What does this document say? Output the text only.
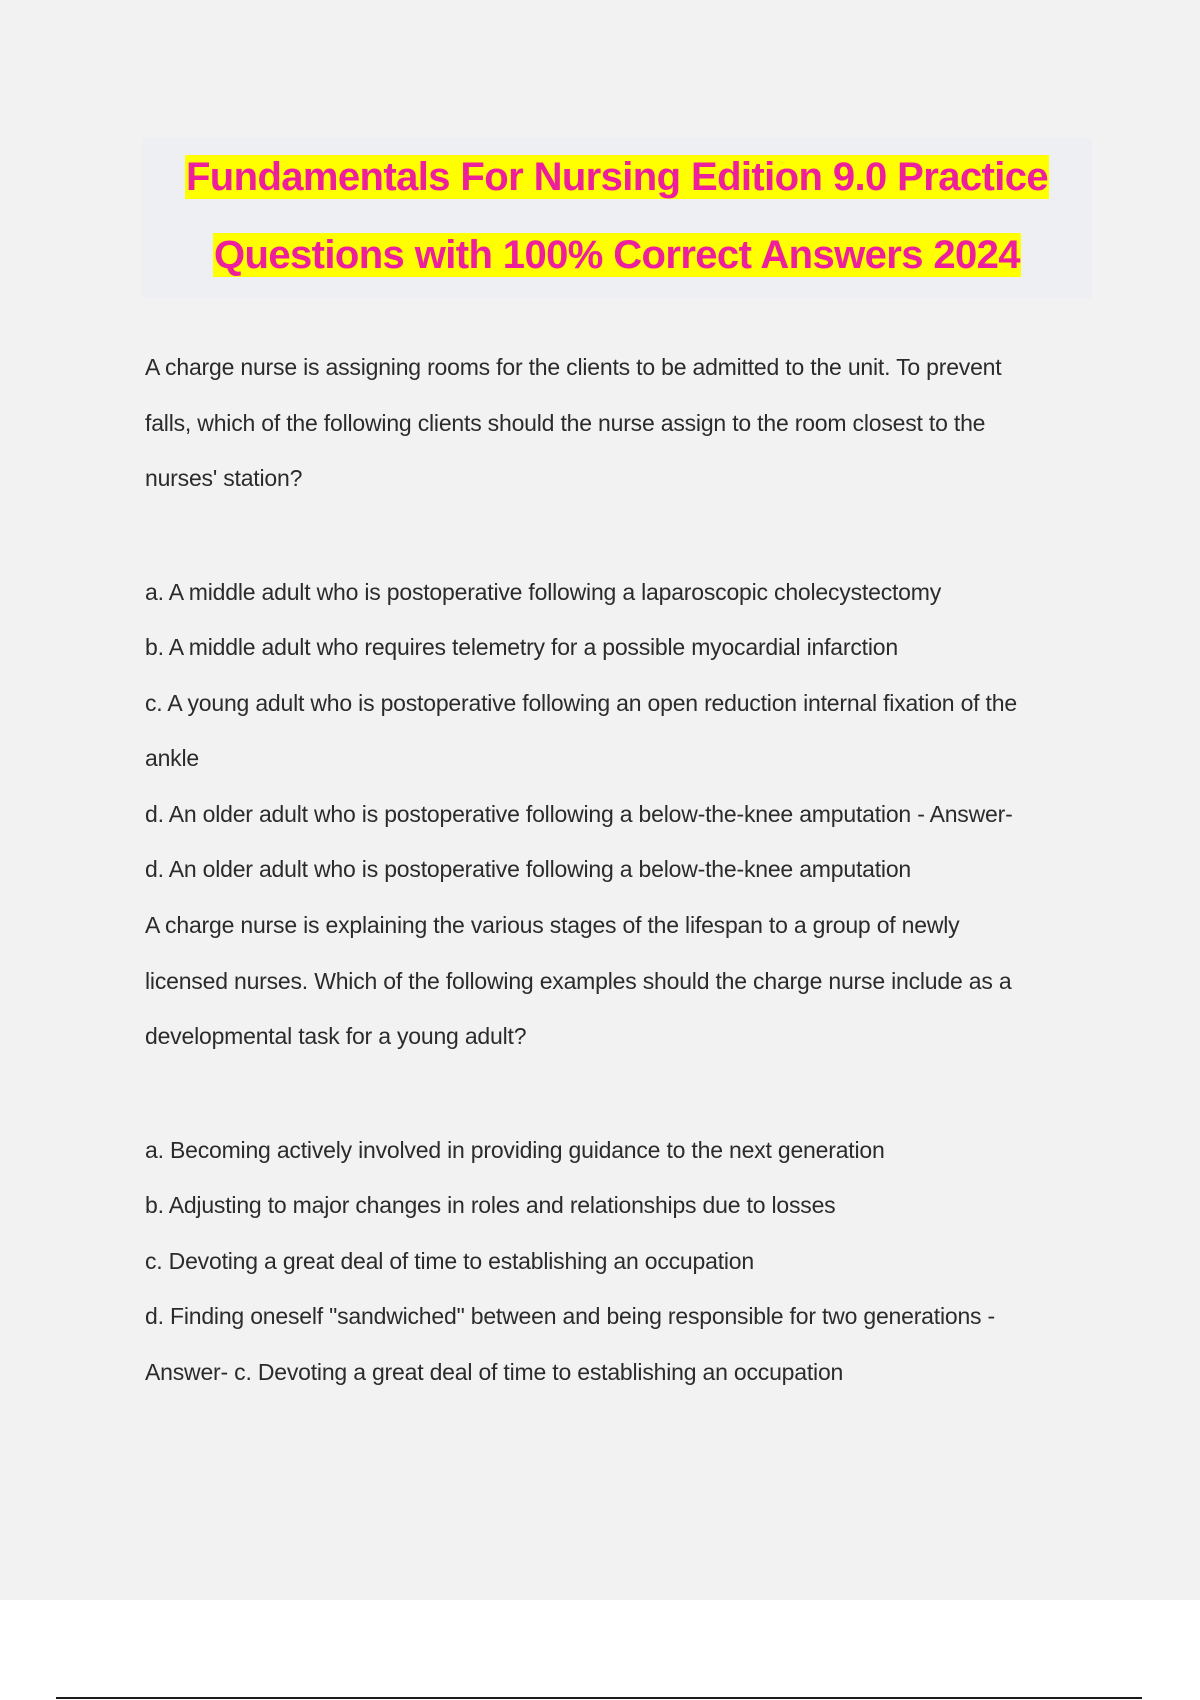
Fundamentals For Nursing Edition 9.0 Practice
Questions with 100% Correct Answers 2024
A charge nurse is assigning rooms for the clients to be admitted to the unit. To prevent
falls, which of the following clients should the nurse assign to the room closest to the
nurses' station?
a. A middle adult who is postoperative following a laparoscopic cholecystectomy
b. A middle adult who requires telemetry for a possible myocardial infarction
c. A young adult who is postoperative following an open reduction internal fixation of the
ankle
d. An older adult who is postoperative following a below-the-knee amputation - Answer-
d. An older adult who is postoperative following a below-the-knee amputation
A charge nurse is explaining the various stages of the lifespan to a group of newly
licensed nurses. Which of the following examples should the charge nurse include as a
developmental task for a young adult?
a. Becoming actively involved in providing guidance to the next generation
b. Adjusting to major changes in roles and relationships due to losses
c. Devoting a great deal of time to establishing an occupation
d. Finding oneself "sandwiched" between and being responsible for two generations -
Answer- c. Devoting a great deal of time to establishing an occupation
